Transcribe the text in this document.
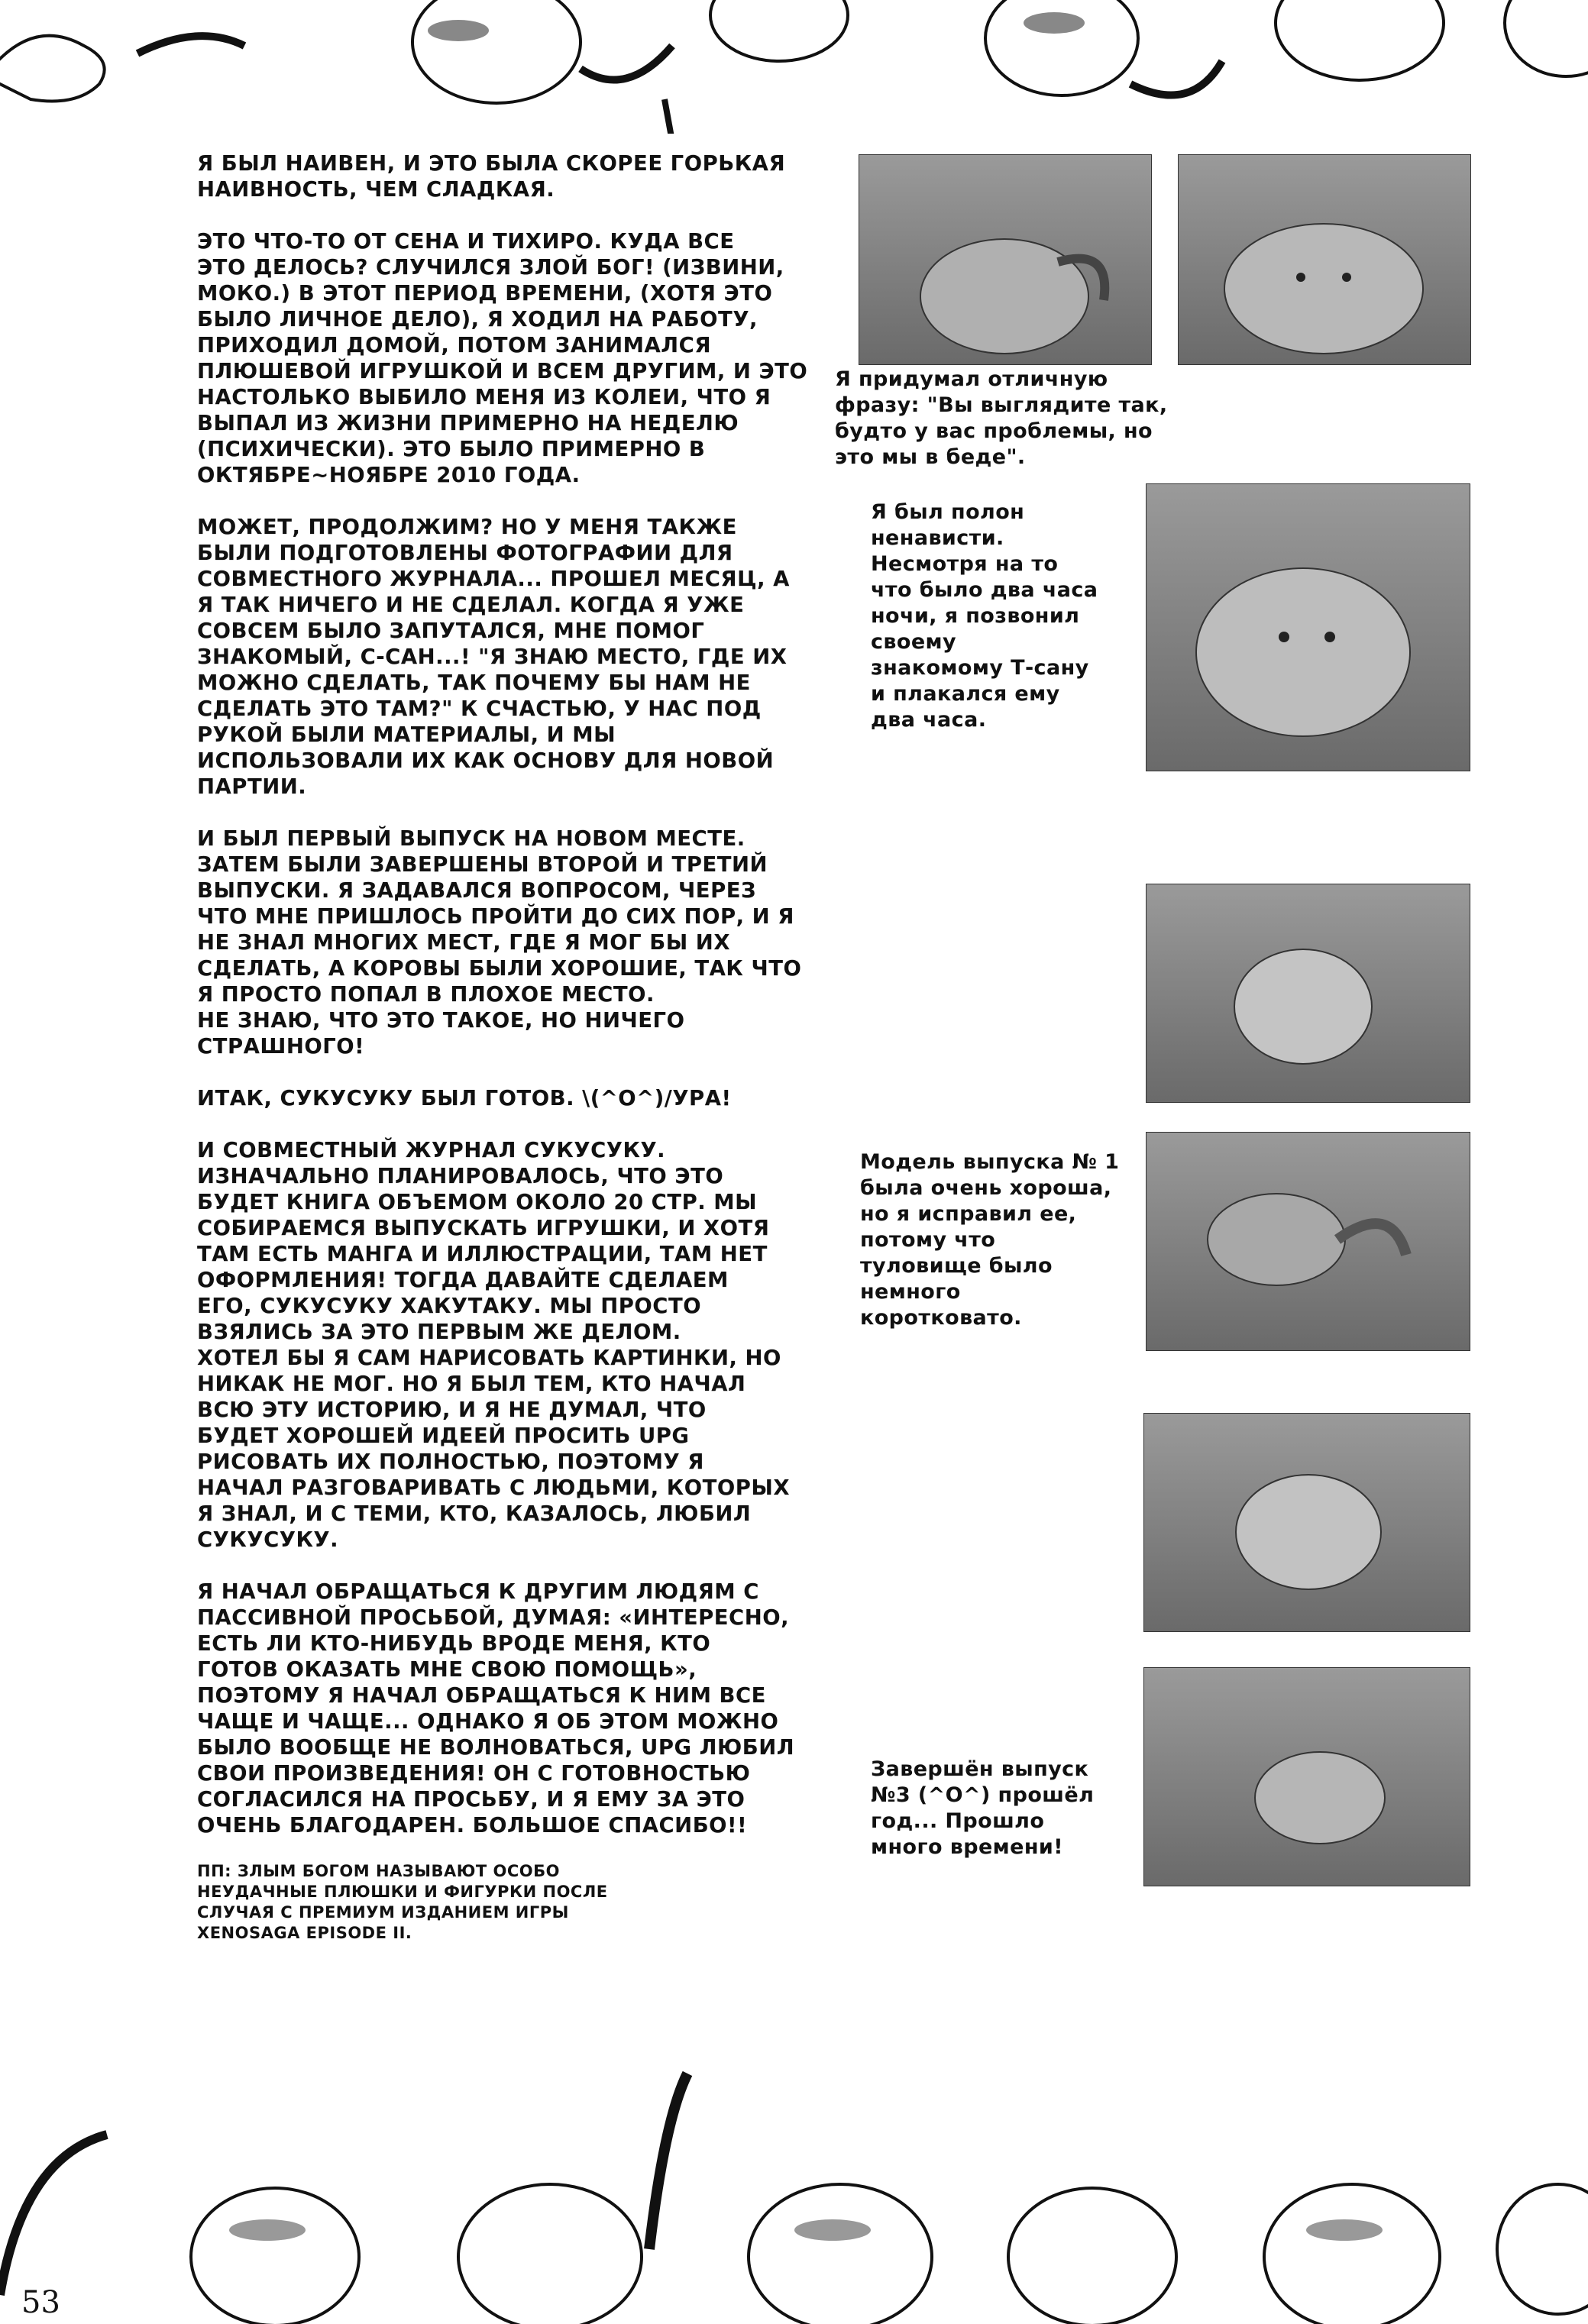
Я БЫЛ НАИВЕН, И ЭТО БЫЛА СКОРЕЕ ГОРЬКАЯ
НАИВНОСТЬ, ЧЕМ СЛАДКАЯ.

ЭТО ЧТО-ТО ОТ СЕНА И ТИХИРО. КУДА ВСЕ
ЭТО ДЕЛОСЬ? СЛУЧИЛСЯ ЗЛОЙ БОГ! (ИЗВИНИ,
МОКО.) В ЭТОТ ПЕРИОД ВРЕМЕНИ, (ХОТЯ ЭТО
БЫЛО ЛИЧНОЕ ДЕЛО), Я ХОДИЛ НА РАБОТУ,
ПРИХОДИЛ ДОМОЙ, ПОТОМ ЗАНИМАЛСЯ
ПЛЮШЕВОЙ ИГРУШКОЙ И ВСЕМ ДРУГИМ, И ЭТО
НАСТОЛЬКО ВЫБИЛО МЕНЯ ИЗ КОЛЕИ, ЧТО Я
ВЫПАЛ ИЗ ЖИЗНИ ПРИМЕРНО НА НЕДЕЛЮ
(ПСИХИЧЕСКИ). ЭТО БЫЛО ПРИМЕРНО В
ОКТЯБРЕ~НОЯБРЕ 2010 ГОДА.

МОЖЕТ, ПРОДОЛЖИМ? НО У МЕНЯ ТАКЖЕ
БЫЛИ ПОДГОТОВЛЕНЫ ФОТОГРАФИИ ДЛЯ
СОВМЕСТНОГО ЖУРНАЛА... ПРОШЕЛ МЕСЯЦ, А
Я ТАК НИЧЕГО И НЕ СДЕЛАЛ. КОГДА Я УЖЕ
СОВСЕМ БЫЛО ЗАПУТАЛСЯ, МНЕ ПОМОГ
ЗНАКОМЫЙ, С-САН...! "Я ЗНАЮ МЕСТО, ГДЕ ИХ
МОЖНО СДЕЛАТЬ, ТАК ПОЧЕМУ БЫ НАМ НЕ
СДЕЛАТЬ ЭТО ТАМ?" К СЧАСТЬЮ, У НАС ПОД
РУКОЙ БЫЛИ МАТЕРИАЛЫ, И МЫ
ИСПОЛЬЗОВАЛИ ИХ КАК ОСНОВУ ДЛЯ НОВОЙ
ПАРТИИ.

И БЫЛ ПЕРВЫЙ ВЫПУСК НА НОВОМ МЕСТЕ.
ЗАТЕМ БЫЛИ ЗАВЕРШЕНЫ ВТОРОЙ И ТРЕТИЙ
ВЫПУСКИ. Я ЗАДАВАЛСЯ ВОПРОСОМ, ЧЕРЕЗ
ЧТО МНЕ ПРИШЛОСЬ ПРОЙТИ ДО СИХ ПОР, И Я
НЕ ЗНАЛ МНОГИХ МЕСТ, ГДЕ Я МОГ БЫ ИХ
СДЕЛАТЬ, А КОРОВЫ БЫЛИ ХОРОШИЕ, ТАК ЧТО
Я ПРОСТО ПОПАЛ В ПЛОХОЕ МЕСТО.
НЕ ЗНАЮ, ЧТО ЭТО ТАКОЕ, НО НИЧЕГО
СТРАШНОГО!

ИТАК, СУКУСУКУ БЫЛ ГОТОВ. \(^O^)/УРА!

И СОВМЕСТНЫЙ ЖУРНАЛ СУКУСУКУ.
ИЗНАЧАЛЬНО ПЛАНИРОВАЛОСЬ, ЧТО ЭТО
БУДЕТ КНИГА ОБЪЕМОМ ОКОЛО 20 СТР. МЫ
СОБИРАЕМСЯ ВЫПУСКАТЬ ИГРУШКИ, И ХОТЯ
ТАМ ЕСТЬ МАНГА И ИЛЛЮСТРАЦИИ, ТАМ НЕТ
ОФОРМЛЕНИЯ! ТОГДА ДАВАЙТЕ СДЕЛАЕМ
ЕГО, СУКУСУКУ ХАКУТАКУ. МЫ ПРОСТО
ВЗЯЛИСЬ ЗА ЭТО ПЕРВЫМ ЖЕ ДЕЛОМ.
ХОТЕЛ БЫ Я САМ НАРИСОВАТЬ КАРТИНКИ, НО
НИКАК НЕ МОГ. НО Я БЫЛ ТЕМ, КТО НАЧАЛ
ВСЮ ЭТУ ИСТОРИЮ, И Я НЕ ДУМАЛ, ЧТО
БУДЕТ ХОРОШЕЙ ИДЕЕЙ ПРОСИТЬ UPG
РИСОВАТЬ ИХ ПОЛНОСТЬЮ, ПОЭТОМУ Я
НАЧАЛ РАЗГОВАРИВАТЬ С ЛЮДЬМИ, КОТОРЫХ
Я ЗНАЛ, И С ТЕМИ, КТО, КАЗАЛОСЬ, ЛЮБИЛ
СУКУСУКУ.

Я НАЧАЛ ОБРАЩАТЬСЯ К ДРУГИМ ЛЮДЯМ С
ПАССИВНОЙ ПРОСЬБОЙ, ДУМАЯ: «ИНТЕРЕСНО,
ЕСТЬ ЛИ КТО-НИБУДЬ ВРОДЕ МЕНЯ, КТО
ГОТОВ ОКАЗАТЬ МНЕ СВОЮ ПОМОЩЬ»,
ПОЭТОМУ Я НАЧАЛ ОБРАЩАТЬСЯ К НИМ ВСЕ
ЧАЩЕ И ЧАЩЕ... ОДНАКО Я ОБ ЭТОМ МОЖНО
БЫЛО ВООБЩЕ НЕ ВОЛНОВАТЬСЯ, UPG ЛЮБИЛ
СВОИ ПРОИЗВЕДЕНИЯ! ОН С ГОТОВНОСТЬЮ
СОГЛАСИЛСЯ НА ПРОСЬБУ, И Я ЕМУ ЗА ЭТО
ОЧЕНЬ БЛАГОДАРЕН. БОЛЬШОЕ СПАСИБО!!

ПП: ЗЛЫМ БОГОМ НАЗЫВАЮТ ОСОБО
НЕУДАЧНЫЕ ПЛЮШКИ И ФИГУРКИ ПОСЛЕ
СЛУЧАЯ С ПРЕМИУМ ИЗДАНИЕМ ИГРЫ
XENOSAGA EPISODE II.
Я придумал отличную
фразу: "Вы выглядите так,
будто у вас проблемы, но
это мы в беде".
Я был полон
ненависти.
Несмотря на то
что было два часа
ночи, я позвонил
своему
знакомому Т-сану
и плакался ему
два часа.
Модель выпуска № 1
была очень хороша,
но я исправил ее,
потому что
туловище было
немного
коротковато.
Завершён выпуск
№3 (^О^) прошёл
год... Прошло
много времени!
53
